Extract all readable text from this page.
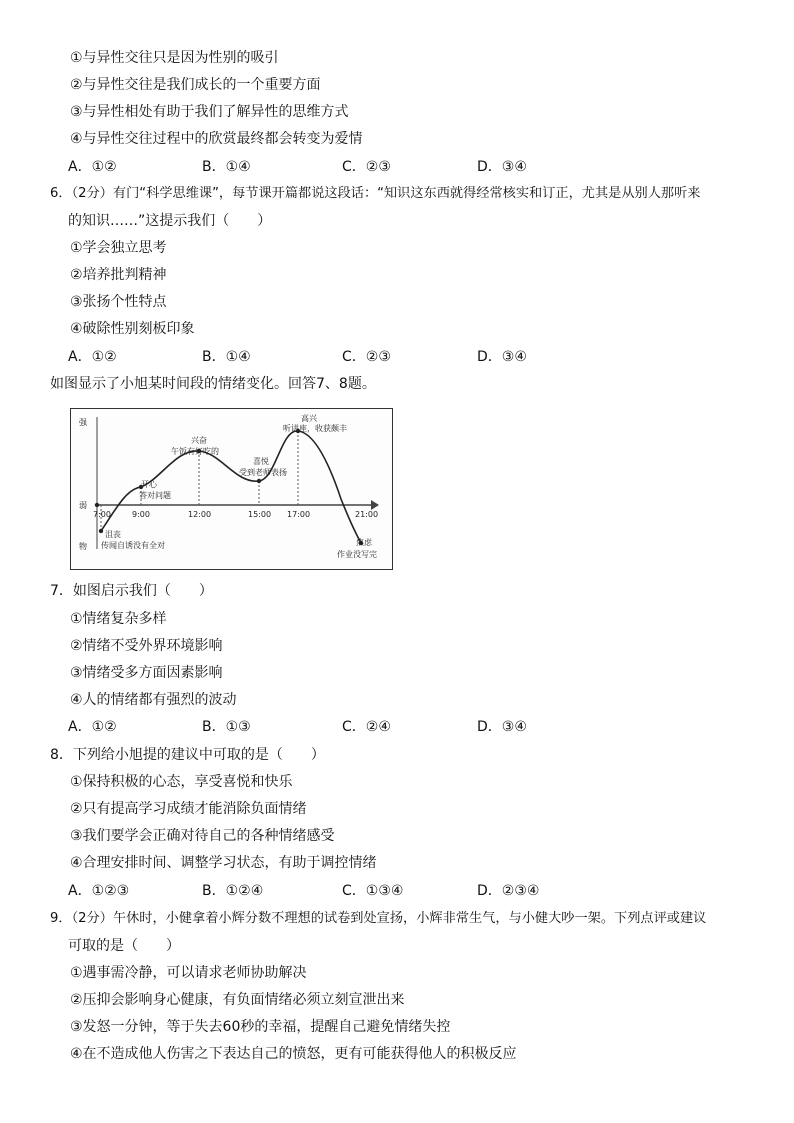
①与异性交往只是因为性别的吸引
②与异性交往是我们成长的一个重要方面
③与异性相处有助于我们了解异性的思维方式
④与异性交往过程中的欣赏最终都会转变为爱情
A．①②	B．①④	C．②③	D．③④
6．（2分）有门“科学思维课”，每节课开篇都说这段话：“知识这东西就得经常核实和订正，尤其是从别人那听来
的知识……”这提示我们（　　）
①学会独立思考
②培养批判精神
③张扬个性特点
④破除性别刻板印象
A．①②	B．①④	C．②③	D．③④
如图显示了小旭某时间段的情绪变化。回答7、8题。
强
弱
物
7:00	9:00	12:00	15:00 17:00	21:00
沮丧
传闻自诱没有全对
开心
答对问题
兴奋
午饭有好吃的
喜悦
受到老师表扬
高兴
听讲座，收获颇丰
焦虑
作业没写完
7．如图启示我们（　　）
①情绪复杂多样
②情绪不受外界环境影响
③情绪受多方面因素影响
④人的情绪都有强烈的波动
A．①②	B．①③	C．②④	D．③④
8．下列给小旭提的建议中可取的是（　　）
①保持积极的心态，享受喜悦和快乐
②只有提高学习成绩才能消除负面情绪
③我们要学会正确对待自己的各种情绪感受
④合理安排时间、调整学习状态，有助于调控情绪
A．①②③	B．①②④	C．①③④	D．②③④
9．（2分）午休时，小健拿着小辉分数不理想的试卷到处宣扬，小辉非常生气，与小健大吵一架。下列点评或建议
可取的是（　　）
①遇事需冷静，可以请求老师协助解决
②压抑会影响身心健康，有负面情绪必须立刻宣泄出来
③发怒一分钟，等于失去60秒的幸福，提醒自己避免情绪失控
④在不造成他人伤害之下表达自己的愤怒，更有可能获得他人的积极反应
